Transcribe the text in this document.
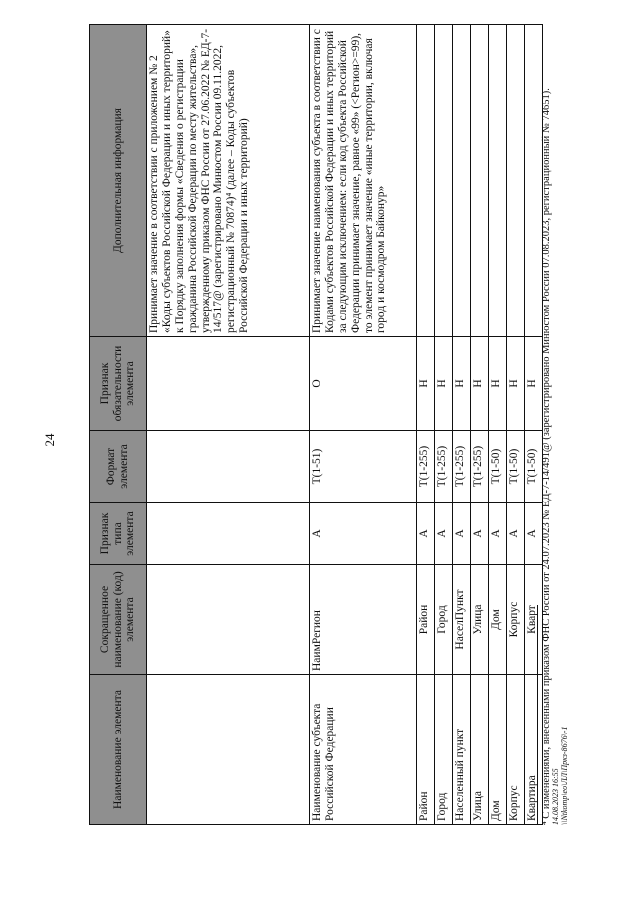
24
Наименование элемента	Сокращенное наименование (код) элемента	Признак типа элемента	Формат элемента	Признак обязательности элемента	Дополнительная информация
					Принимает значение в соответствии с приложением № 2 «Коды субъектов Российской Федерации и иных территорий» к Порядку заполнения формы «Сведения о регистрации гражданина Российской Федерации по месту жительства», утвержденному приказом ФНС России от 27.06.2022 № ЕД-7-14/517@ (зарегистрировано Минюстом России 09.11.2022, регистрационный № 70874)⁴ (далее – Коды субъектов Российской Федерации и иных территорий)
Наименование субъекта Российской Федерации	НаимРегион	А	T(1-51)	О	Принимает значение наименования субъекта в соответствии с Кодами субъектов Российской Федерации и иных территорий за следующим исключением: если код субъекта Российской Федерации принимает значение, равное «99» (<Регион>=99), то элемент принимает значение «иные территории, включая город и космодром Байконур»
Район	Район	А	T(1-255)	Н	
Город	Город	А	T(1-255)	Н	
Населенный пункт	НаселПункт	А	T(1-255)	Н	
Улица	Улица	А	T(1-255)	Н	
Дом	Дом	А	T(1-50)	Н	
Корпус	Корпус	А	T(1-50)	Н	
Квартира	Кварт	А	T(1-50)	Н	⁴ С изменениями, внесенными приказом ФНС России от 24.07.2023 № ЕД-7-14/491@ (зарегистрировано Минюстом России 07.08.2023, регистрационный № 74651). 14.08.2023 16:55 \\Ntkomp\eo\ЛЛ\Пркз-8676\-1
